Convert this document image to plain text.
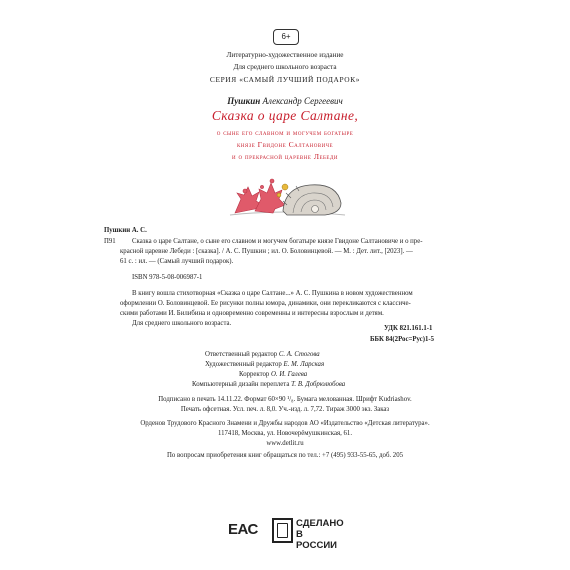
6+
Литературно-художественное издание
Для среднего школьного возраста
СЕРИЯ «САМЫЙ ЛУЧШИЙ ПОДАРОК»
Пушкин Александр Сергеевич
Сказка о царе Салтане,
о сыне его славном и могучем богатыре
князе Гвидоне Салтановиче
и о прекрасной царевне Лебеди
Пушкин А. С.
П91 Сказка о царе Салтане, о сыне его славном и могучем богатыре князе Гвидоне Салтановиче и о пре-
красной царевне Лебеди : [сказка]. / А. С. Пушкин ; ил. О. Боловинцевой. — М. : Дет. лит., [2023]. —
61 с. : ил. — (Самый лучший подарок).
ISBN 978-5-08-006987-1
В книгу вошла стихотворная «Сказка о царе Салтане...» А. С. Пушкина в новом художественном
оформлении О. Боловинцевой. Ее рисунки полны юмора, динамики, они перекликаются с классиче-
скими работами И. Билибина и одновременно современны и интересны взрослым и детям.
Для среднего школьного возраста.
УДК 821.161.1-1
ББК 84(2Рос=Рус)1-5
Ответственный редактор С. А. Стогова
Художественный редактор Е. М. Ларская
Корректор О. И. Галева
Компьютерный дизайн переплета Т. В. Добрюлюбова
Подписано в печать 14.11.22. Формат 60×90 ¹/₈. Бумага мелованная. Шрифт Kudriashov.
Печать офсетная. Усл. печ. л. 8,0. Уч.-изд. л. 7,72. Тираж 3000 экз. Заказ
Орденов Трудового Красного Знамени и Дружбы народов АО «Издательство «Детская литература».
117418, Москва, ул. Новочерёмушкинская, 61.
www.detlit.ru
По вопросам приобретения книг обращаться по тел.: +7 (495) 933-55-65, доб. 205
ЕАС	СДЕЛАНО
В РОССИИ
